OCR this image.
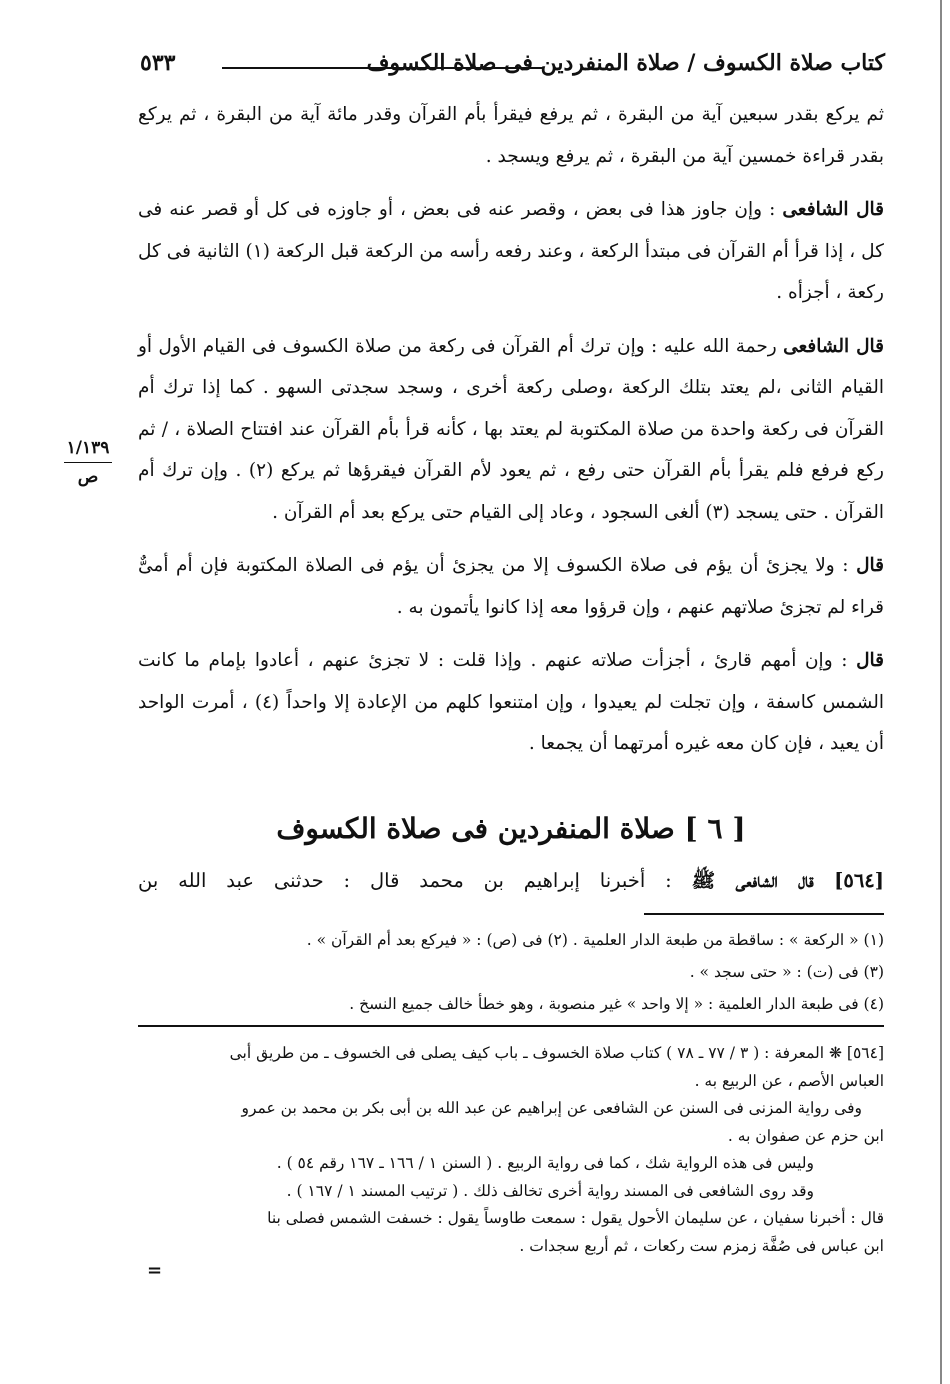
كتاب صلاة الكسوف / صلاة المنفردين فى صلاة الكسوف
٥٣٣
١/١٣٩
ص

ثم يركع بقدر سبعين آية من البقرة ، ثم يرفع فيقرأ بأم القرآن وقدر مائة آية من البقرة ، ثم يركع بقدر قراءة خمسين آية من البقرة ، ثم يرفع ويسجد .

قال الشافعى : وإن جاوز هذا فى بعض ، وقصر عنه فى بعض ، أو جاوزه فى كل أو قصر عنه فى كل ، إذا قرأ أم القرآن فى مبتدأ الركعة ، وعند رفعه رأسه من الركعة قبل الركعة (١) الثانية فى كل ركعة ، أجزأه .

قال الشافعى رحمة الله عليه : وإن ترك أم القرآن فى ركعة من صلاة الكسوف فى القيام الأول أو القيام الثانى ،لم يعتد بتلك الركعة ،وصلى ركعة أخرى ، وسجد سجدتى السهو . كما إذا ترك أم القرآن فى ركعة واحدة من صلاة المكتوبة لم يعتد بها ، كأنه قرأ بأم القرآن عند افتتاح الصلاة ، / ثم ركع فرفع فلم يقرأ بأم القرآن حتى رفع ، ثم يعود لأم القرآن فيقرؤها ثم يركع (٢) . وإن ترك أم القرآن . حتى يسجد (٣) ألغى السجود ، وعاد إلى القيام حتى يركع بعد أم القرآن .

قال : ولا يجزئ أن يؤم فى صلاة الكسوف إلا من يجزئ أن يؤم فى الصلاة المكتوبة فإن أم أمىٌّ قراء لم تجزئ صلاتهم عنهم ، وإن قرؤوا معه إذا كانوا يأتمون به .

قال : وإن أمهم قارئ ، أجزأت صلاته عنهم . وإذا قلت : لا تجزئ عنهم ، أعادوا بإمام ما كانت الشمس كاسفة ، وإن تجلت لم يعيدوا ، وإن امتنعوا كلهم من الإعادة إلا واحداً (٤) ، أمرت الواحد أن يعيد ، فإن كان معه غيره أمرتهما أن يجمعا .

[ ٦ ] صلاة المنفردين فى صلاة الكسوف
[٥٦٤] قال الشافعى ﷺ : أخبرنا إبراهيم بن محمد قال : حدثنى عبد الله بن
(١) « الركعة » : ساقطة من طبعة الدار العلمية . (٢) فى (ص) : « فيركع بعد أم القرآن » .
(٣) فى (ت) : « حتى سجد » .
(٤) فى طبعة الدار العلمية : « إلا واحد » غير منصوبة ، وهو خطأ خالف جميع النسخ .
[٥٦٤] ❋ المعرفة : ( ٣ / ٧٧ ـ ٧٨ ) كتاب صلاة الخسوف ـ باب كيف يصلى فى الخسوف ـ من طريق أبى
العباس الأصم ، عن الربيع به .
وفى رواية المزنى فى السنن عن الشافعى عن إبراهيم عن عبد الله بن أبى بكر بن محمد بن عمرو
ابن حزم عن صفوان به .
وليس فى هذه الرواية شك ، كما فى رواية الربيع . ( السنن ١ / ١٦٦ ـ ١٦٧ رقم ٥٤ ) .
وقد روى الشافعى فى المسند رواية أخرى تخالف ذلك . ( ترتيب المسند ١ / ١٦٧ ) .
قال : أخبرنا سفيان ، عن سليمان الأحول يقول : سمعت طاوساً يقول : خسفت الشمس فصلى بنا
ابن عباس فى صُفَّة زمزم ست ركعات ، ثم أربع سجدات .
=
